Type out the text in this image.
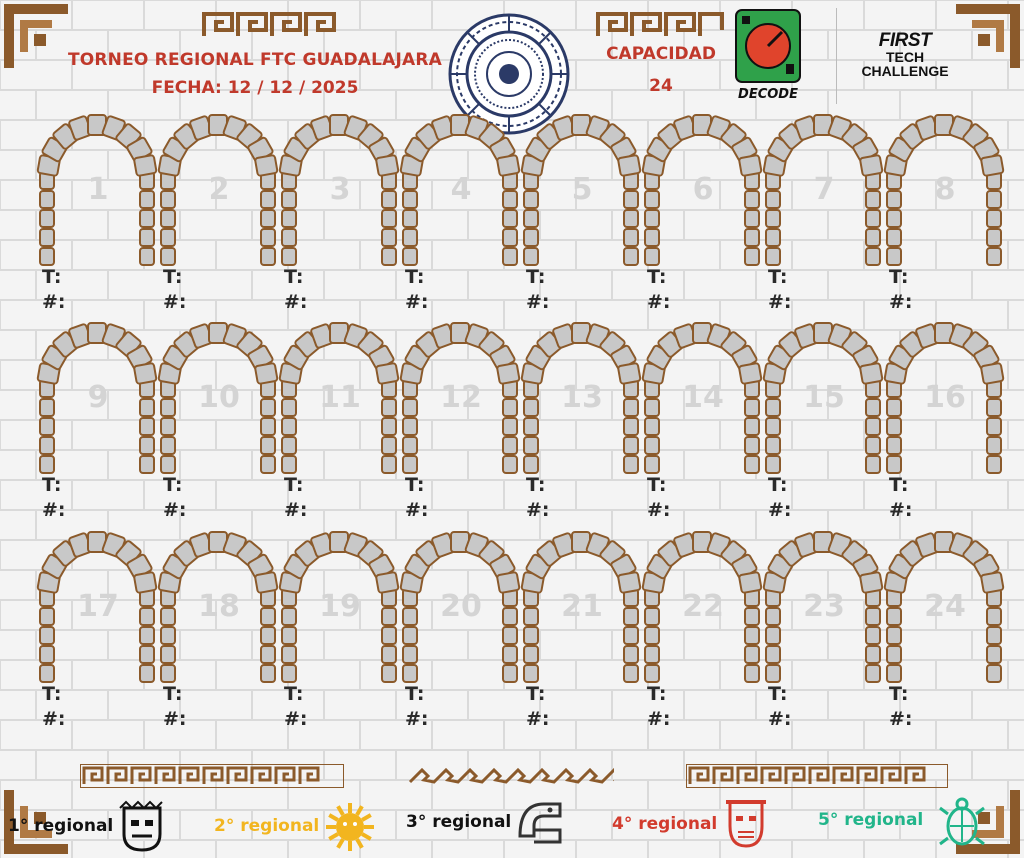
TORNEO REGIONAL FTC GUADALAJARA
FECHA: 12 / 12 / 2025
CAPACIDAD
24	DECODE
FIRST
TECH
CHALLENGE
1
T:
#:
2
T:
#:
3
T:
#:
4
T:
#:
5
T:
#:
6
T:
#:
7
T:
#:
8
T:
#:
9
T:
#:
10
T:
#:
11
T:
#:
12
T:
#:
13
T:
#:
14
T:
#:
15
T:
#:
16
T:
#:
17
T:
#:
18
T:
#:
19
T:
#:
20
T:
#:
21
T:
#:
22
T:
#:
23
T:
#:
24
T:
#:
1° regional	2° regional	3° regional	4° regional	5° regional
